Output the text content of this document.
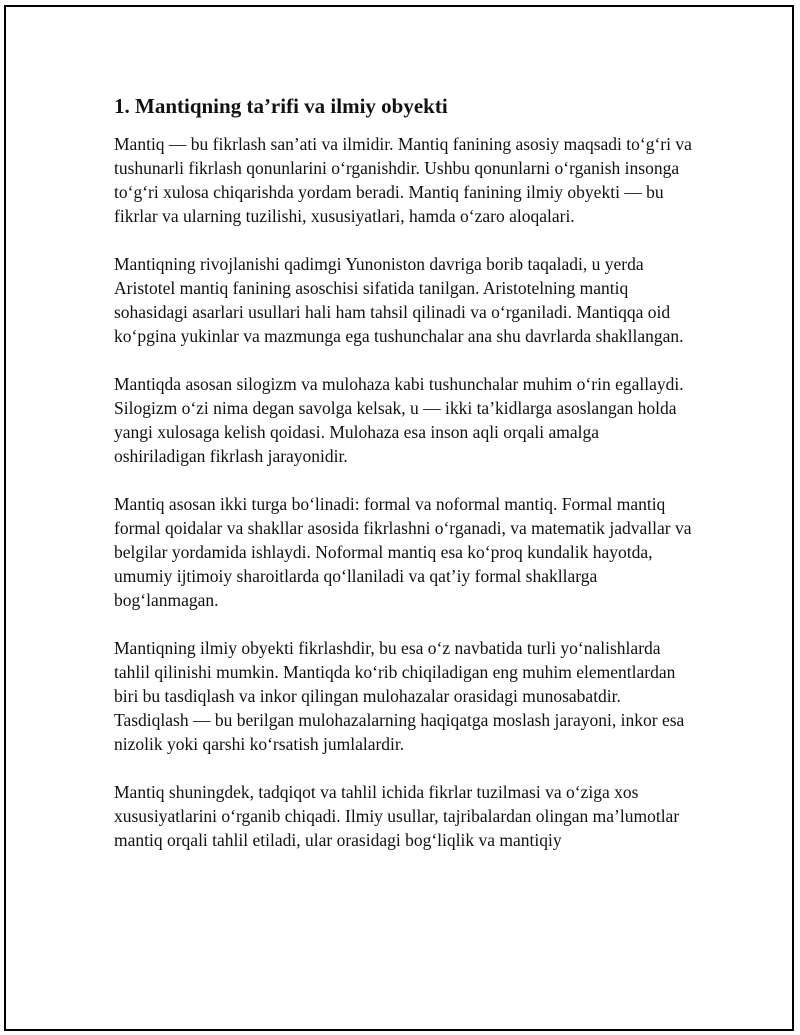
1. Mantiqning ta’rifi va ilmiy obyekti

Mantiq — bu fikrlash san’ati va ilmidir. Mantiq fanining asosiy maqsadi to‘g‘ri va tushunarli fikrlash qonunlarini o‘rganishdir. Ushbu qonunlarni o‘rganish insonga to‘g‘ri xulosa chiqarishda yordam beradi. Mantiq fanining ilmiy obyekti — bu fikrlar va ularning tuzilishi, xususiyatlari, hamda o‘zaro aloqalari.

Mantiqning rivojlanishi qadimgi Yunoniston davriga borib taqaladi, u yerda Aristotel mantiq fanining asoschisi sifatida tanilgan. Aristotelning mantiq sohasidagi asarlari usullari hali ham tahsil qilinadi va o‘rganiladi. Mantiqqa oid ko‘pgina yukinlar va mazmunga ega tushunchalar ana shu davrlarda shakllangan.

Mantiqda asosan silogizm va mulohaza kabi tushunchalar muhim o‘rin egallaydi. Silogizm o‘zi nima degan savolga kelsak, u — ikki ta’kidlarga asoslangan holda yangi xulosaga kelish qoidasi. Mulohaza esa inson aqli orqali amalga oshiriladigan fikrlash jarayonidir.

Mantiq asosan ikki turga bo‘linadi: formal va noformal mantiq. Formal mantiq formal qoidalar va shakllar asosida fikrlashni o‘rganadi, va matematik jadvallar va belgilar yordamida ishlaydi. Noformal mantiq esa ko‘proq kundalik hayotda, umumiy ijtimoiy sharoitlarda qo‘llaniladi va qat’iy formal shakllarga bog‘lanmagan.

Mantiqning ilmiy obyekti fikrlashdir, bu esa o‘z navbatida turli yo‘nalishlarda tahlil qilinishi mumkin. Mantiqda ko‘rib chiqiladigan eng muhim elementlardan biri bu tasdiqlash va inkor qilingan mulohazalar orasidagi munosabatdir. Tasdiqlash — bu berilgan mulohazalarning haqiqatga moslash jarayoni, inkor esa nizolik yoki qarshi ko‘rsatish jumlalardir.

Mantiq shuningdek, tadqiqot va tahlil ichida fikrlar tuzilmasi va o‘ziga xos xususiyatlarini o‘rganib chiqadi. Ilmiy usullar, tajribalardan olingan ma’lumotlar mantiq orqali tahlil etiladi, ular orasidagi bog‘liqlik va mantiqiy
